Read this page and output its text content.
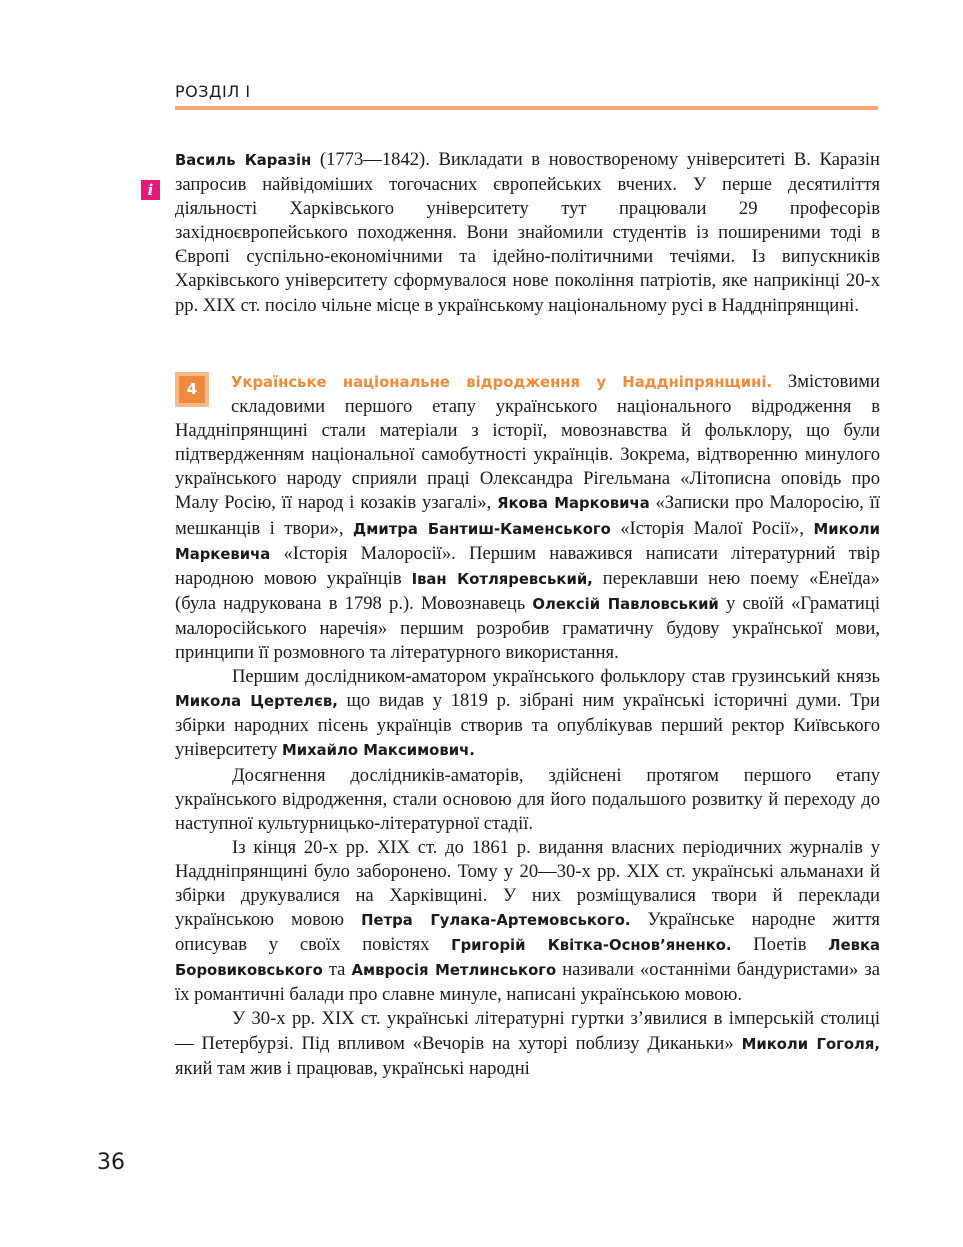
РОЗДІЛ I
i

Василь Каразін (1773—1842). Викладати в новоствореному університеті В. Каразін запросив найвідоміших тогочасних європейських вчених. У перше десятиліття діяльності Харківського університету тут працювали 29 професорів західноєвропейського походження. Вони знайомили студентів із поширеними тоді в Європі суспільно-економічними та ідейно-політичними течіями. Із випускників Харківського університету сформувалося нове покоління патріотів, яке наприкінці 20-х рр. XIX ст. посіло чільне місце в українському національному русі в Наддніпрянщині.

4	Українське національне відродження у Наддніпрянщині. Змістовими складовими першого етапу українського національного відродження в Наддніпрянщині стали матеріали з історії, мовознавства й фольклору, що були підтвердженням національної самобутності українців. Зокрема, відтворенню минулого українського народу сприяли праці Олександра Рігельмана «Літописна оповідь про Малу Росію, її народ і козаків узагалі», Якова Марковича «Записки про Малоросію, її мешканців і твори», Дмитра Бантиш-Каменського «Історія Малої Росії», Миколи Маркевича «Історія Малоросії». Першим наважився написати літературний твір народною мовою українців Іван Котляревський, переклавши нею поему «Енеїда» (була надрукована в 1798 р.). Мовознавець Олексій Павловський у своїй «Граматиці малоросійського наречія» першим розробив граматичну будову української мови, принципи її розмовного та літературного використання.

Першим дослідником-аматором українського фольклору став грузинський князь Микола Цертелєв, що видав у 1819 р. зібрані ним українські історичні думи. Три збірки народних пісень українців створив та опублікував перший ректор Київського університету Михайло Максимович.

Досягнення дослідників-аматорів, здійснені протягом першого етапу українського відродження, стали основою для його подальшого розвитку й переходу до наступної культурницько-літературної стадії.

Із кінця 20-х рр. XIX ст. до 1861 р. видання власних періодичних журналів у Наддніпрянщині було заборонено. Тому у 20—30-х рр. XIX ст. українські альманахи й збірки друкувалися на Харківщині. У них розміщувалися твори й переклади українською мовою Петра Гулака-Артемовського. Українське народне життя описував у своїх повістях Григорій Квітка-Основ’яненко. Поетів Левка Боровиковського та Амвросія Метлинського називали «останніми бандуристами» за їх романтичні балади про славне минуле, написані українською мовою.

У 30-х рр. XIX ст. українські літературні гуртки з’явилися в імперській столиці — Петербурзі. Під впливом «Вечорів на хуторі поблизу Диканьки» Миколи Гоголя, який там жив і працював, українські народні

36
